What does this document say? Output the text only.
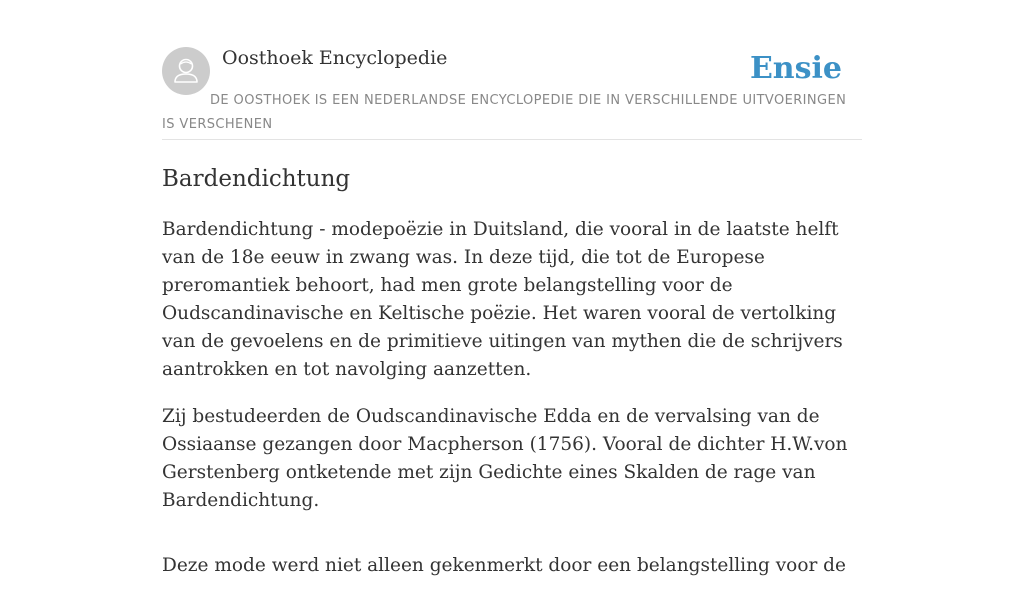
Oosthoek Encyclopedie	Ensie
DE OOSTHOEK IS EEN NEDERLANDSE ENCYCLOPEDIE DIE IN VERSCHILLENDE UITVOERINGEN IS VERSCHENEN
Bardendichtung

Bardendichtung - modepoëzie in Duitsland, die vooral in de laatste helft van de 18e eeuw in zwang was. In deze tijd, die tot de Europese preromantiek behoort, had men grote belangstelling voor de Oudscandinavische en Keltische poëzie. Het waren vooral de vertolking van de gevoelens en de primitieve uitingen van mythen die de schrijvers aantrokken en tot navolging aanzetten.

Zij bestudeerden de Oudscandinavische Edda en de vervalsing van de Ossiaanse gezangen door Macpherson (1756). Vooral de dichter H.W.von Gerstenberg ontketende met zijn Gedichte eines Skalden de rage van Bardendichtung.

Deze mode werd niet alleen gekenmerkt door een belangstelling voor de
